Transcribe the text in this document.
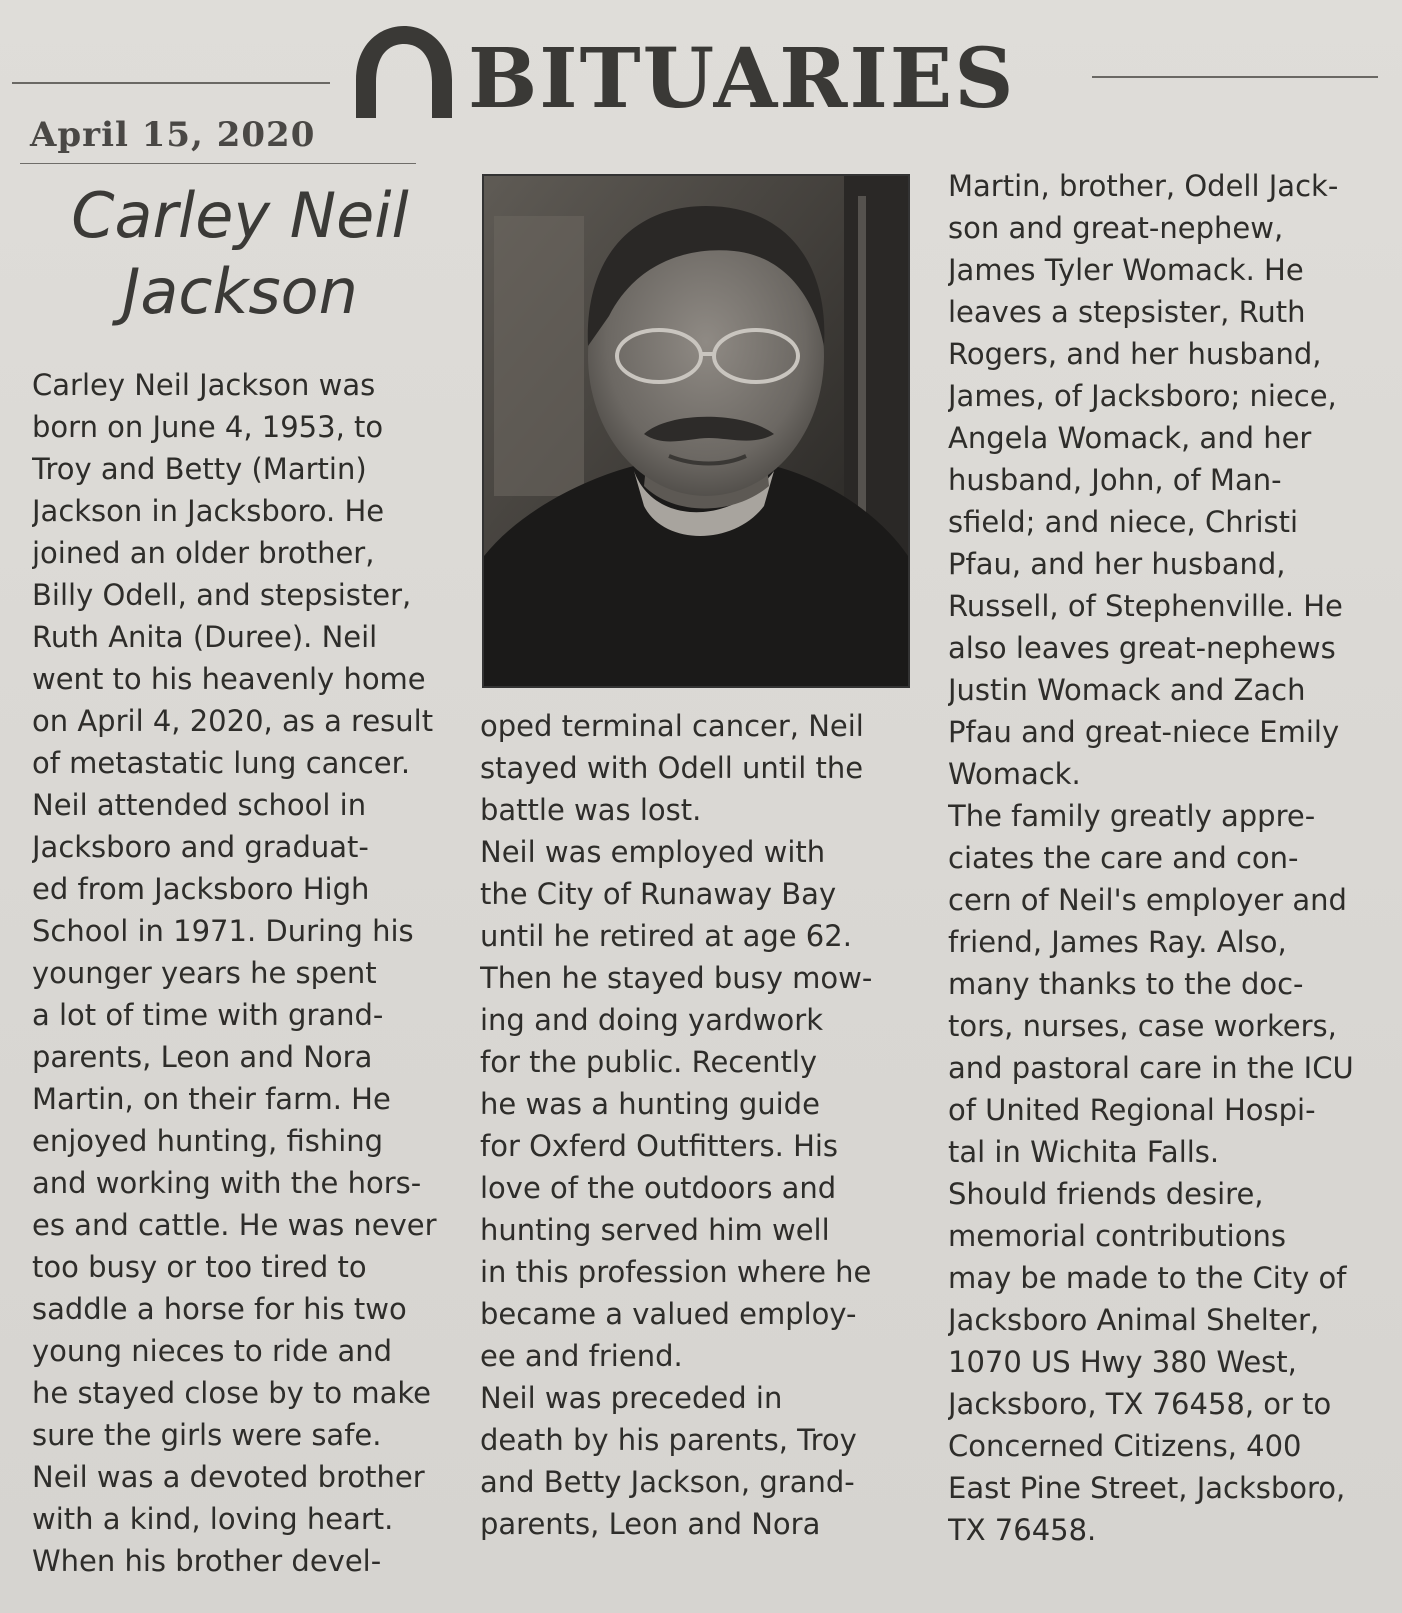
BITUARIES
April 15, 2020
Carley Neil
Jackson
Carley Neil Jackson was
born on June 4, 1953, to
Troy and Betty (Martin)
Jackson in Jacksboro. He
joined an older brother,
Billy Odell, and stepsister,
Ruth Anita (Duree). Neil
went to his heavenly home
on April 4, 2020, as a result
of metastatic lung cancer.
Neil attended school in
Jacksboro and graduat-
ed from Jacksboro High
School in 1971. During his
younger years he spent
a lot of time with grand-
parents, Leon and Nora
Martin, on their farm. He
enjoyed hunting, fishing
and working with the hors-
es and cattle. He was never
too busy or too tired to
saddle a horse for his two
young nieces to ride and
he stayed close by to make
sure the girls were safe.
Neil was a devoted brother
with a kind, loving heart.
When his brother devel-
oped terminal cancer, Neil
stayed with Odell until the
battle was lost.
Neil was employed with
the City of Runaway Bay
until he retired at age 62.
Then he stayed busy mow-
ing and doing yardwork
for the public. Recently
he was a hunting guide
for Oxferd Outfitters. His
love of the outdoors and
hunting served him well
in this profession where he
became a valued employ-
ee and friend.
Neil was preceded in
death by his parents, Troy
and Betty Jackson, grand-
parents, Leon and Nora
Martin, brother, Odell Jack-
son and great-nephew,
James Tyler Womack. He
leaves a stepsister, Ruth
Rogers, and her husband,
James, of Jacksboro; niece,
Angela Womack, and her
husband, John, of Man-
sfield; and niece, Christi
Pfau, and her husband,
Russell, of Stephenville. He
also leaves great-nephews
Justin Womack and Zach
Pfau and great-niece Emily
Womack.
The family greatly appre-
ciates the care and con-
cern of Neil's employer and
friend, James Ray. Also,
many thanks to the doc-
tors, nurses, case workers,
and pastoral care in the ICU
of United Regional Hospi-
tal in Wichita Falls.
Should friends desire,
memorial contributions
may be made to the City of
Jacksboro Animal Shelter,
1070 US Hwy 380 West,
Jacksboro, TX 76458, or to
Concerned Citizens, 400
East Pine Street, Jacksboro,
TX 76458.
